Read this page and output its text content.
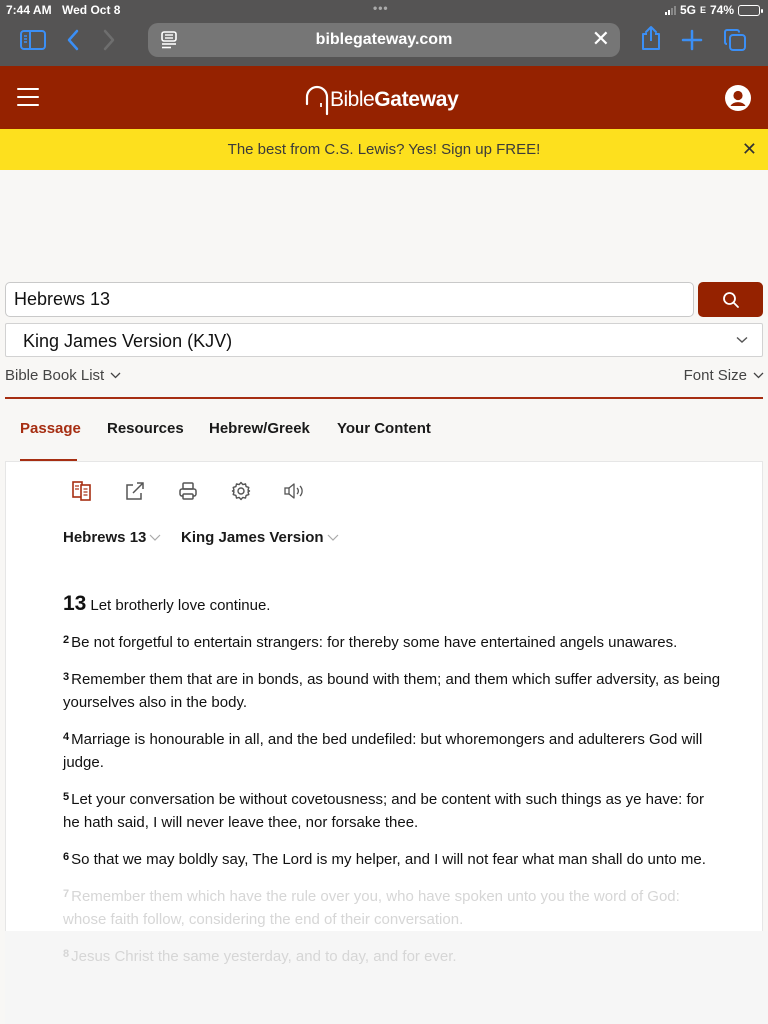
7:44 AM Wed Oct 8	•••	5G E 74%
biblegateway.com	✕
Bible Gateway
The best from C.S. Lewis? Yes! Sign up FREE!	✕
Hebrews 13
King James Version (KJV)
Bible Book List	Font Size
Passage Resources Hebrew/Greek Your Content
Hebrews 13 King James Version

13 Let brotherly love continue.

$^2$ Be not forgetful to entertain strangers: for thereby some have entertained angels unawares.

$^3$ Remember them that are in bonds, as bound with them; and them which suffer adversity, as being yourselves also in the body.

$^4$ Marriage is honourable in all, and the bed undefiled: but whoremongers and adulterers God will judge.

$^5$ Let your conversation be without covetousness; and be content with such things as ye have: for he hath said, I will never leave thee, nor forsake thee.

$^6$ So that we may boldly say, The Lord is my helper, and I will not fear what man shall do unto me.

$^7$ Remember them which have the rule over you, who have spoken unto you the word of God: whose faith follow, considering the end of their conversation.

$^8$ Jesus Christ the same yesterday, and to day, and for ever.
